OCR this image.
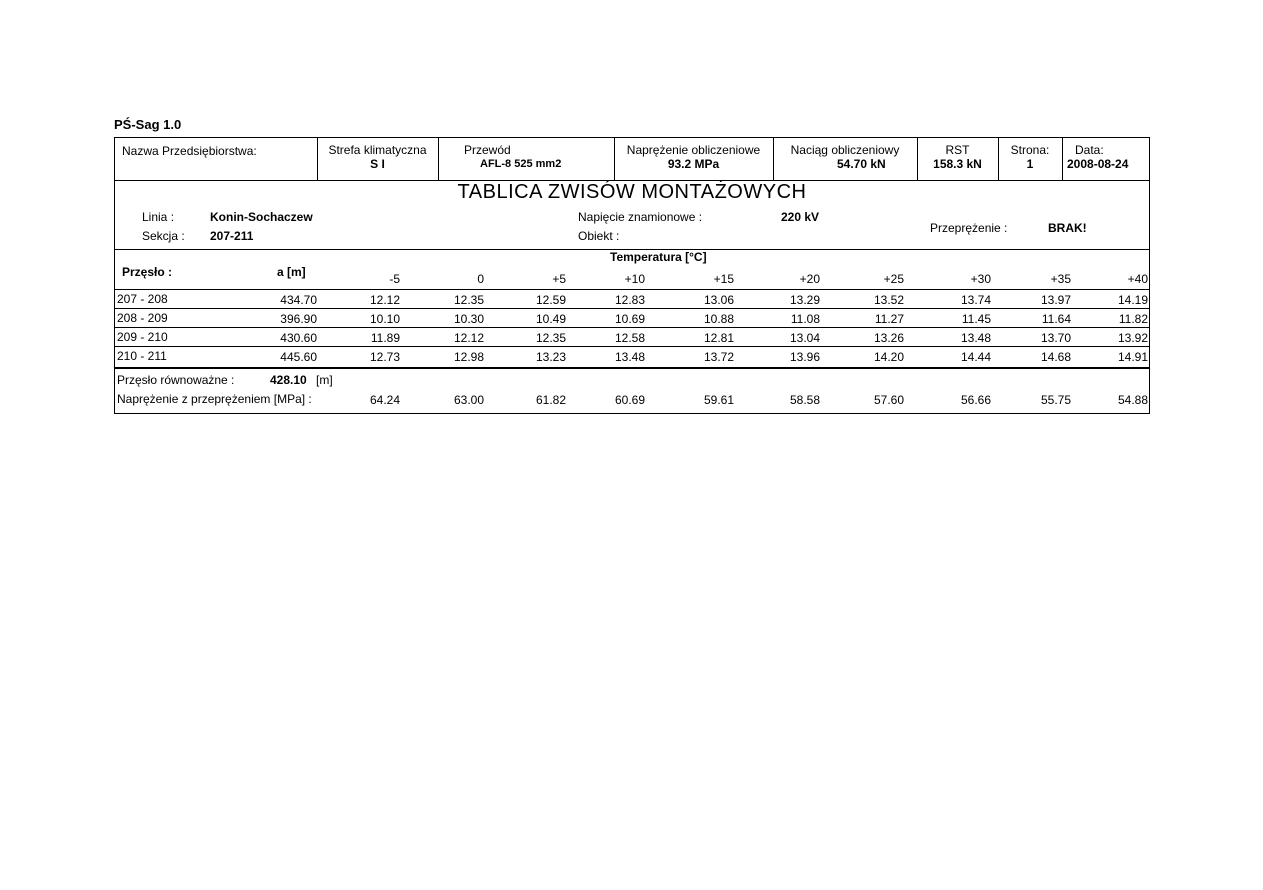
PŚ-Sag 1.0
Nazwa Przedsiębiorstwa:	Strefa klimatyczna
S I
Przewód
AFL-8 525 mm2
Naprężenie obliczeniowe
93.2 MPa
Naciąg obliczeniowy
54.70 kN
RST
158.3 kN
Strona:
1
Data:
2008-08-24
TABLICA ZWISÓW MONTAŻOWYCH
Linia :	Konin-Sochaczew
Sekcja : 207-211
Napięcie znamionowe :	220 kV
Obiekt :
Przeprężenie :	BRAK!
Temperatura [°C]
Przęsło :	a [m]	-5	0	+5	+10	+15	+20	+25	+30	+35	+40
207 - 208	434.70	12.12	12.35	12.59	12.83	13.06	13.29	13.52	13.74	13.97	14.19
208 - 209	396.90	10.10	10.30	10.49	10.69	10.88	11.08	11.27	11.45	11.64	11.82
209 - 210	430.60	11.89	12.12	12.35	12.58	12.81	13.04	13.26	13.48	13.70	13.92
210 - 211	445.60	12.73	12.98	13.23	13.48	13.72	13.96	14.20	14.44	14.68	14.91
Przęsło równoważne :	428.10 [m]
Naprężenie z przeprężeniem [MPa] :	64.24	63.00	61.82	60.69	59.61	58.58	57.60	56.66	55.75	54.88
